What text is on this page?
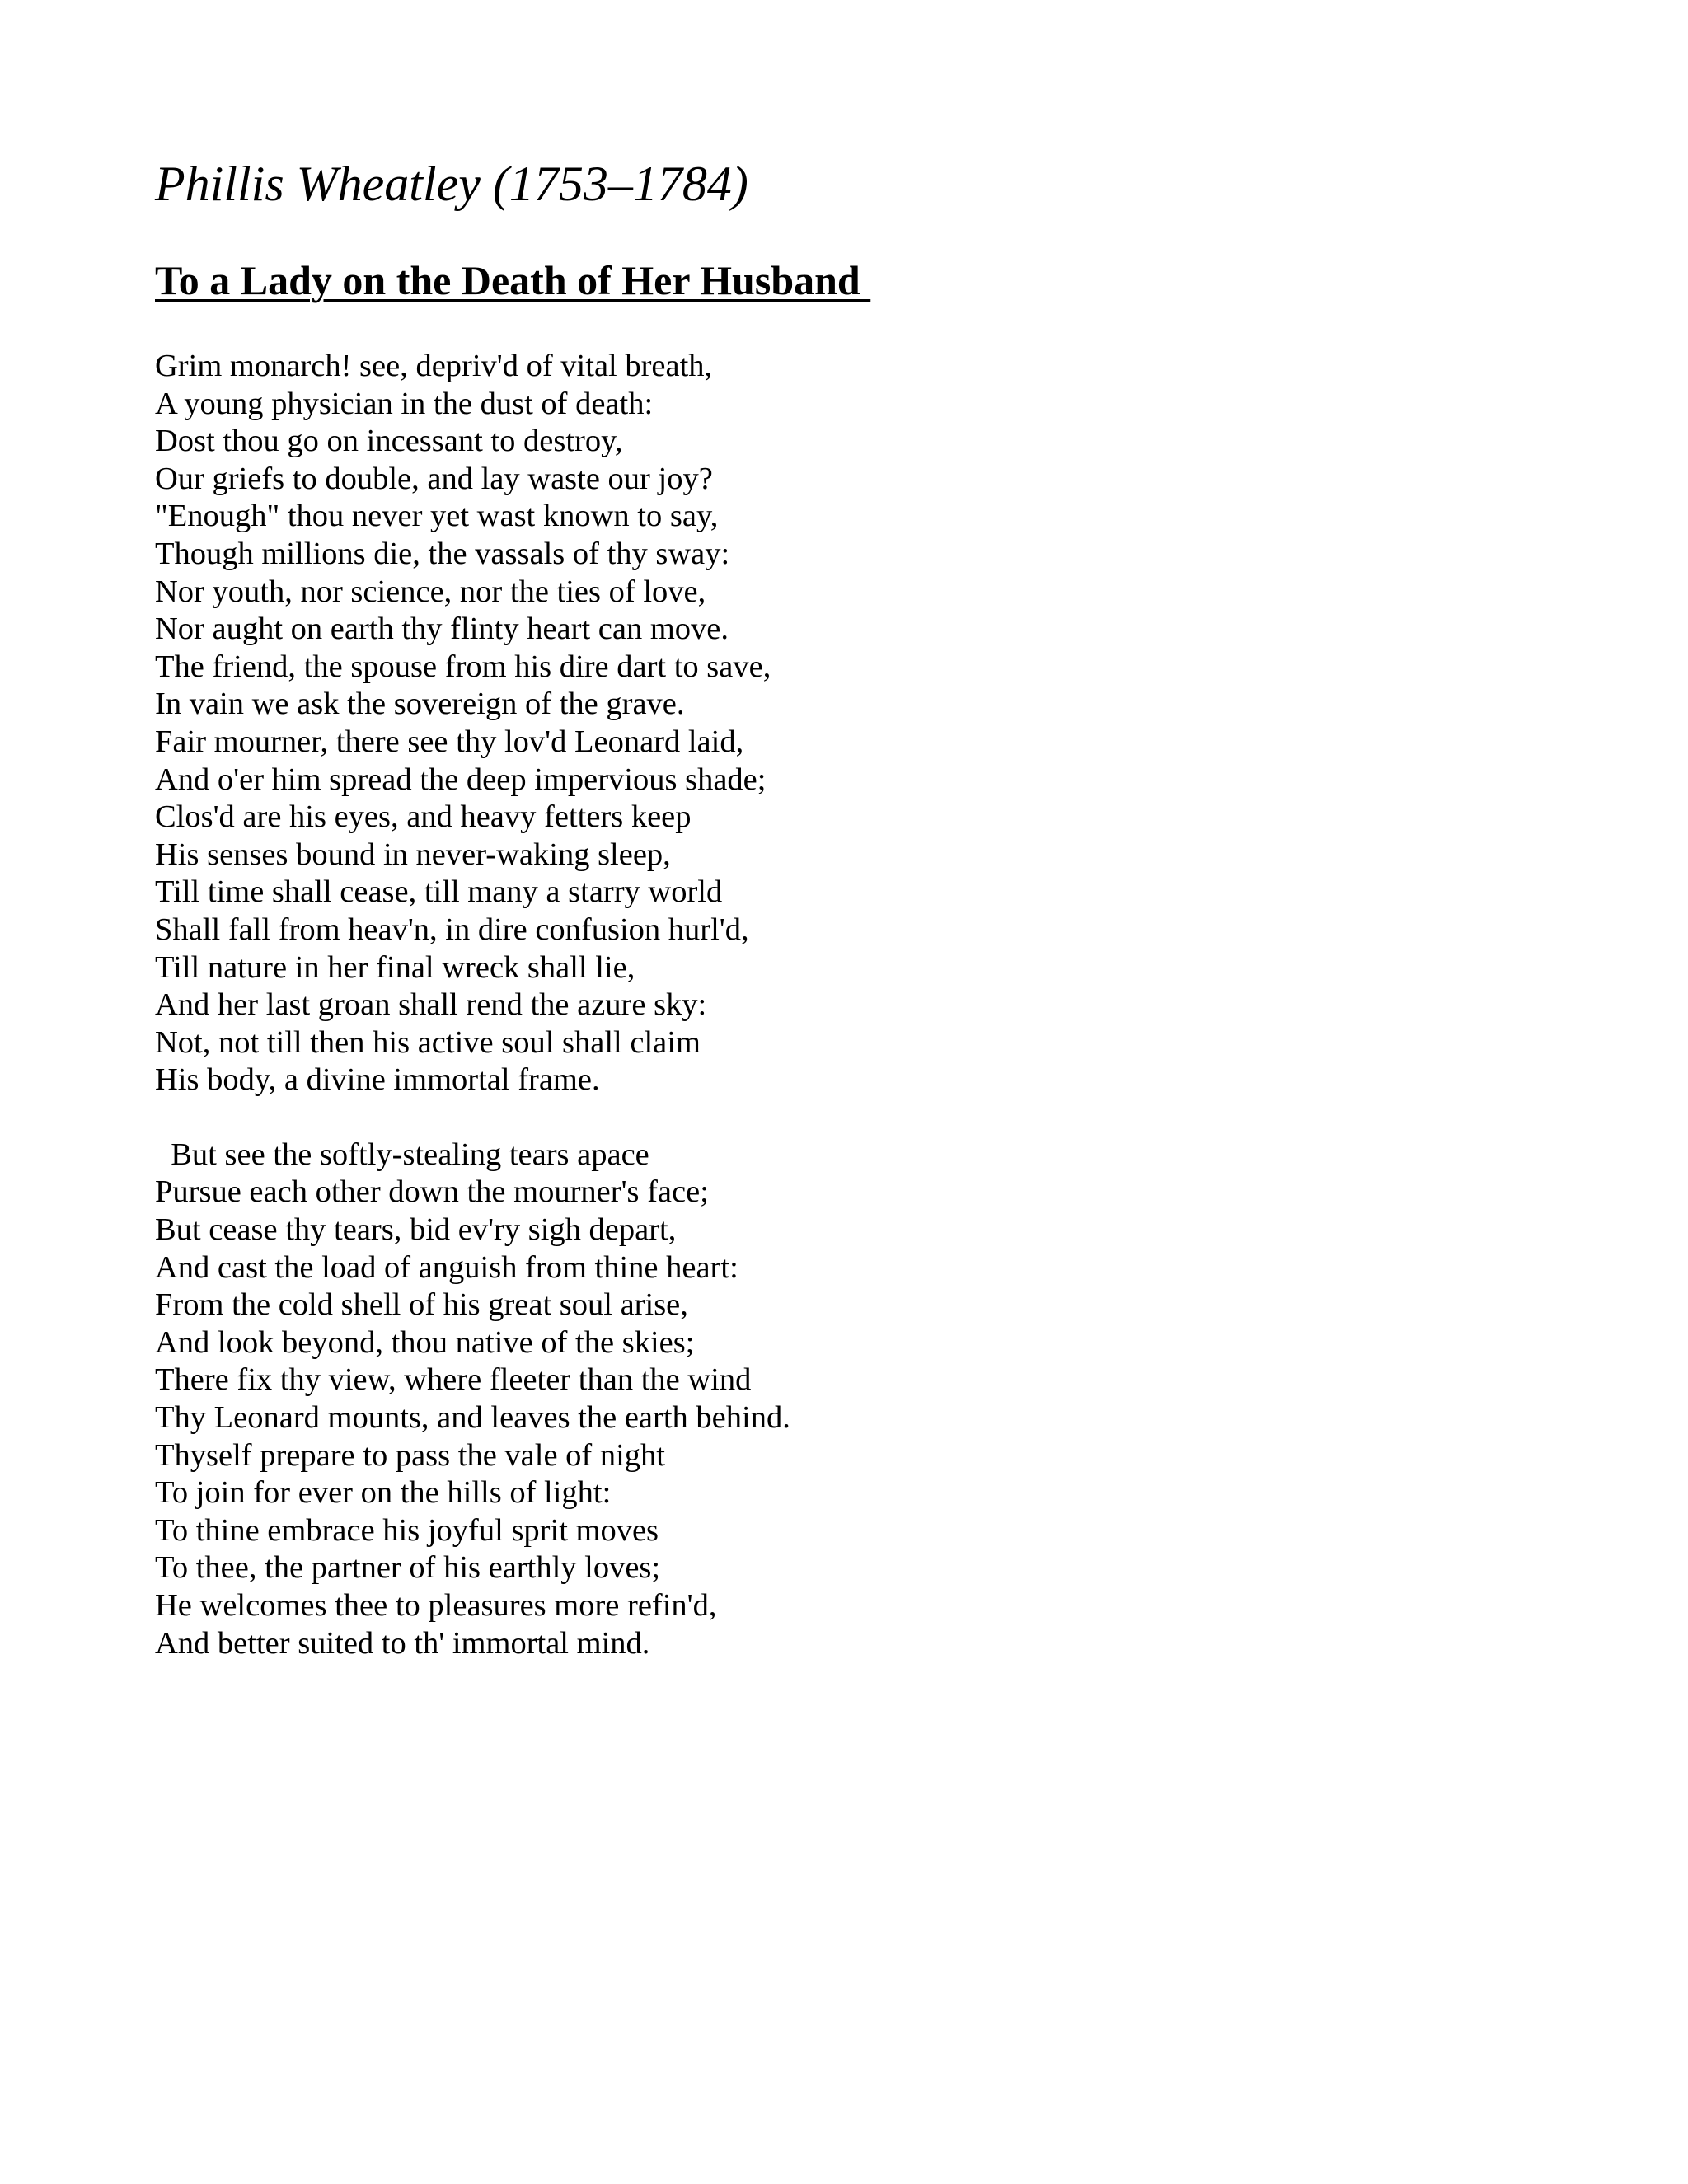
Phillis Wheatley (1753–1784)
To a Lady on the Death of Her Husband
Grim monarch! see, depriv'd of vital breath,
A young physician in the dust of death:
Dost thou go on incessant to destroy,
Our griefs to double, and lay waste our joy?
"Enough" thou never yet wast known to say,
Though millions die, the vassals of thy sway:
Nor youth, nor science, nor the ties of love,
Nor aught on earth thy flinty heart can move.
The friend, the spouse from his dire dart to save,
In vain we ask the sovereign of the grave.
Fair mourner, there see thy lov'd Leonard laid,
And o'er him spread the deep impervious shade;
Clos'd are his eyes, and heavy fetters keep
His senses bound in never-waking sleep,
Till time shall cease, till many a starry world
Shall fall from heav'n, in dire confusion hurl'd,
Till nature in her final wreck shall lie,
And her last groan shall rend the azure sky:
Not, not till then his active soul shall claim
His body, a divine immortal frame.
But see the softly-stealing tears apace
Pursue each other down the mourner's face;
But cease thy tears, bid ev'ry sigh depart,
And cast the load of anguish from thine heart:
From the cold shell of his great soul arise,
And look beyond, thou native of the skies;
There fix thy view, where fleeter than the wind
Thy Leonard mounts, and leaves the earth behind.
Thyself prepare to pass the vale of night
To join for ever on the hills of light:
To thine embrace his joyful sprit moves
To thee, the partner of his earthly loves;
He welcomes thee to pleasures more refin'd,
And better suited to th' immortal mind.
